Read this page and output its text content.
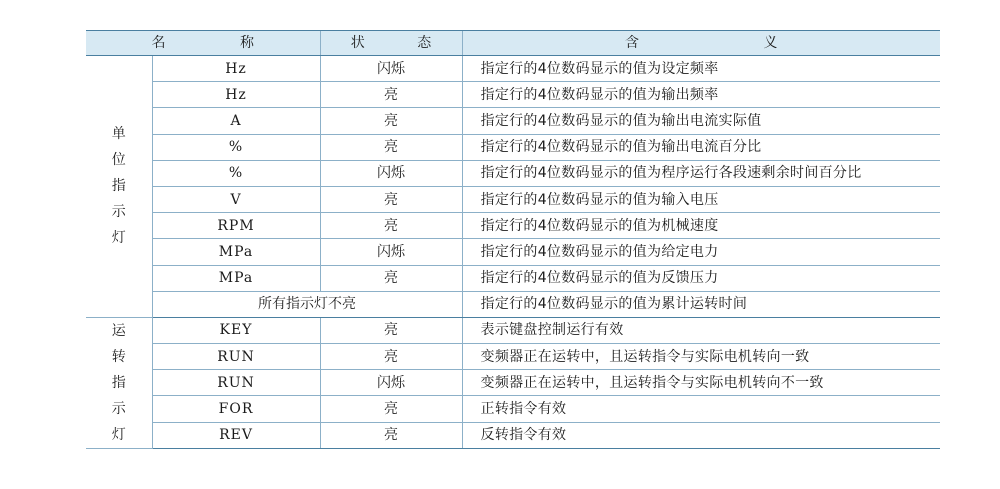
名 称		状 态	含 义

单
位
指
示
灯	Hz	闪烁	指定行的4位数码显示的值为设定频率
	Hz	亮	指定行的4位数码显示的值为输出频率
	A	亮	指定行的4位数码显示的值为输出电流实际值
	%	亮	指定行的4位数码显示的值为输出电流百分比
	%	闪烁	指定行的4位数码显示的值为程序运行各段速剩余时间百分比
	V	亮	指定行的4位数码显示的值为输入电压
	RPM	亮	指定行的4位数码显示的值为机械速度
	MPa	闪烁	指定行的4位数码显示的值为给定电力
	MPa	亮	指定行的4位数码显示的值为反馈压力
	所有指示灯不亮		指定行的4位数码显示的值为累计运转时间

运
转
指
示
灯	KEY	亮	表示键盘控制运行有效
	RUN	亮	变频器正在运转中，且运转指令与实际电机转向一致
	RUN	闪烁	变频器正在运转中，且运转指令与实际电机转向不一致
	FOR	亮	正转指令有效
	REV	亮	反转指令有效
